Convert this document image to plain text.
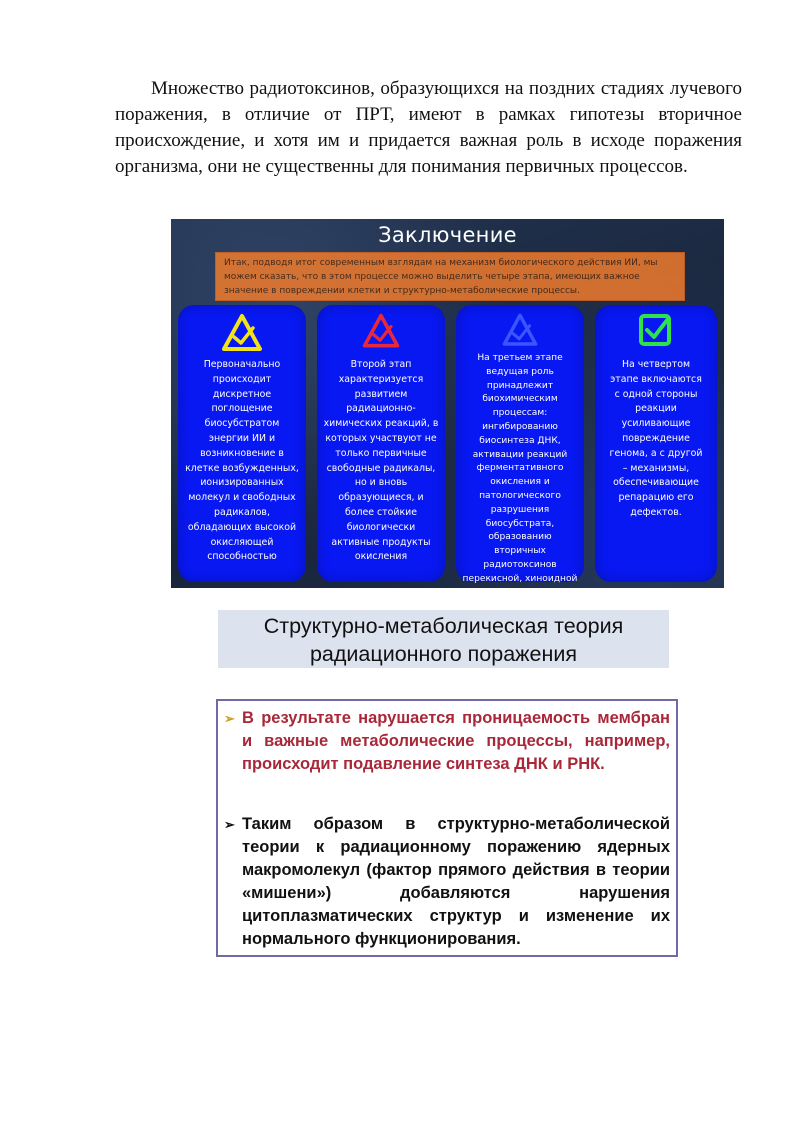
Множество радиотоксинов, образующихся на поздних стадиях лучевого поражения, в отличие от ПРТ, имеют в рамках гипотезы вторичное происхождение, и хотя им и придается важная роль в исходе поражения организма, они не существенны для понимания первичных процессов.

Заключение
Итак, подводя итог современным взглядам на механизм биологического действия ИИ, мы можем сказать, что в этом процессе можно выделить четыре этапа, имеющих важное значение в повреждении клетки и структурно-метаболические процессы.

Первоначально происходит дискретное поглощение биосубстратом энергии ИИ и возникновение в клетке возбужденных, ионизированных молекул и свободных радикалов, обладающих высокой окисляющей способностью

Второй этап характеризуется развитием радиационно-химических реакций, в которых участвуют не только первичные свободные радикалы, но и вновь образующиеся, и более стойкие биологически активные продукты окисления

На третьем этапе ведущая роль принадлежит биохимическим процессам: ингибированию биосинтеза ДНК, активации реакций ферментативного окисления и патологического разрушения биосубстрата, образованию вторичных радиотоксинов перекисной, хиноидной и другой природы

На четвертом этапе включаются с одной стороны реакции усиливающие повреждение генома, а с другой – механизмы, обеспечивающие репарацию его дефектов.

Структурно-метаболическая теория
радиационного поражения
➢ В результате нарушается проницаемость мембран и важные метаболические процессы, например, происходит подавление синтеза ДНК и РНК.
➢ Таким образом в структурно-метаболической теории к радиационному поражению ядерных макромолекул (фактор прямого действия в теории «мишени») добавляются нарушения цитоплазматических структур и изменение их нормального функционирования.
